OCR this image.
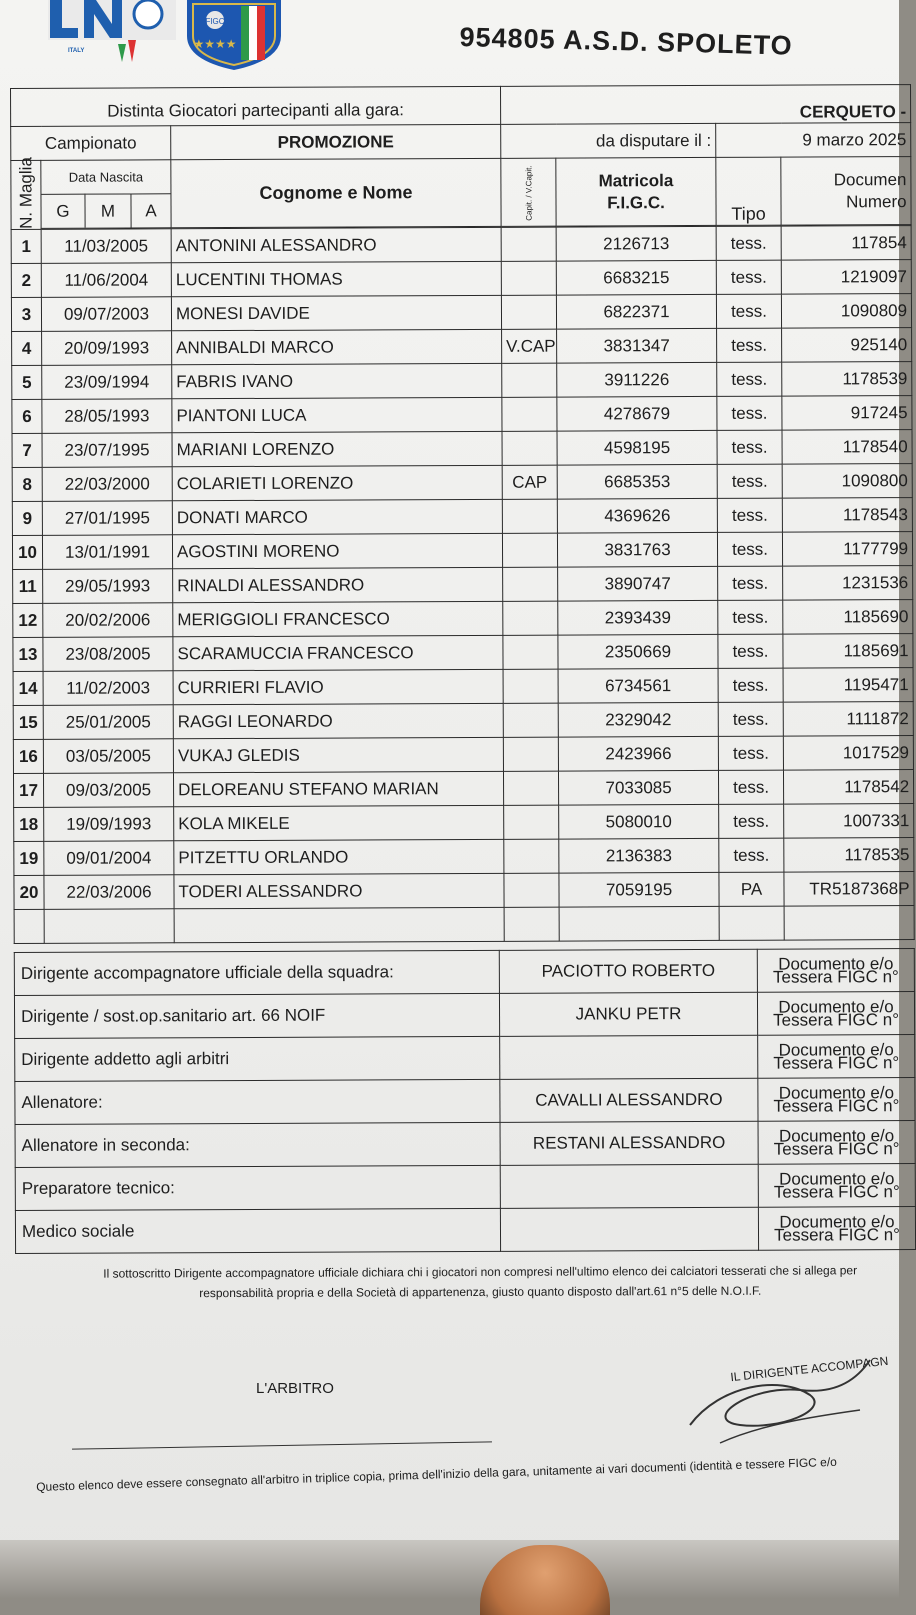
ITALY
FIGC
★★★★	954805 A.S.D. SPOLETO
Distinta Giocatori partecipanti alla gara:	CERQUETO -
Campionato	PROMOZIONE	da disputare il :	9 marzo 2025
N. Maglia		Data Nascita
G	M	A
	Cognome e Nome	Capit. / V.Capit.	Matricola
F.I.G.C.
	Tipo	
Documen
Numero

1	11/03/2005	ANTONINI ALESSANDRO		2126713	tess.	117854
2	11/06/2004	LUCENTINI THOMAS		6683215	tess.	1219097
3	09/07/2003	MONESI DAVIDE		6822371	tess.	1090809
4	20/09/1993	ANNIBALDI MARCO	V.CAP	3831347	tess.	925140
5	23/09/1994	FABRIS IVANO		3911226	tess.	1178539
6	28/05/1993	PIANTONI LUCA		4278679	tess.	917245
7	23/07/1995	MARIANI LORENZO		4598195	tess.	1178540
8	22/03/2000	COLARIETI LORENZO	CAP	6685353	tess.	1090800
9	27/01/1995	DONATI MARCO		4369626	tess.	1178543
10	13/01/1991	AGOSTINI MORENO		3831763	tess.	1177799
11	29/05/1993	RINALDI ALESSANDRO		3890747	tess.	1231536
12	20/02/2006	MERIGGIOLI FRANCESCO		2393439	tess.	1185690
13	23/08/2005	SCARAMUCCIA FRANCESCO		2350669	tess.	1185691
14	11/02/2003	CURRIERI FLAVIO		6734561	tess.	1195471
15	25/01/2005	RAGGI LEONARDO		2329042	tess.	1111872
16	03/05/2005	VUKAJ GLEDIS		2423966	tess.	1017529
17	09/03/2005	DELOREANU STEFANO MARIAN		7033085	tess.	1178542
18	19/09/1993	KOLA MIKELE		5080010	tess.	1007331
19	09/01/2004	PITZETTU ORLANDO		2136383	tess.	1178535
20	22/03/2006	TODERI ALESSANDRO		7059195	PA	TR5187368P

Dirigente accompagnatore ufficiale della squadra:	PACIOTTO ROBERTO	Documento e/o Tessera FIGC n°
Dirigente / sost.op.sanitario art. 66 NOIF	JANKU PETR	Documento e/o Tessera FIGC n°
Dirigente addetto agli arbitri		Documento e/o Tessera FIGC n°
Allenatore:	CAVALLI ALESSANDRO	Documento e/o Tessera FIGC n°
Allenatore in seconda:	RESTANI ALESSANDRO	Documento e/o Tessera FIGC n°
Preparatore tecnico:		Documento e/o Tessera FIGC n°
Medico sociale		Documento e/o Tessera FIGC n°
Il sottoscritto Dirigente accompagnatore ufficiale dichiara chi i giocatori non compresi nell'ultimo elenco dei calciatori tesserati che si allega per
responsabilità propria e della Società di appartenenza, giusto quanto disposto dall'art.61 n°5 delle N.O.I.F.
L'ARBITRO
IL DIRIGENTE ACCOMPAGN
Questo elenco deve essere consegnato all'arbitro in triplice copia, prima dell'inizio della gara, unitamente ai vari documenti (identità e tessere FIGC e/o
